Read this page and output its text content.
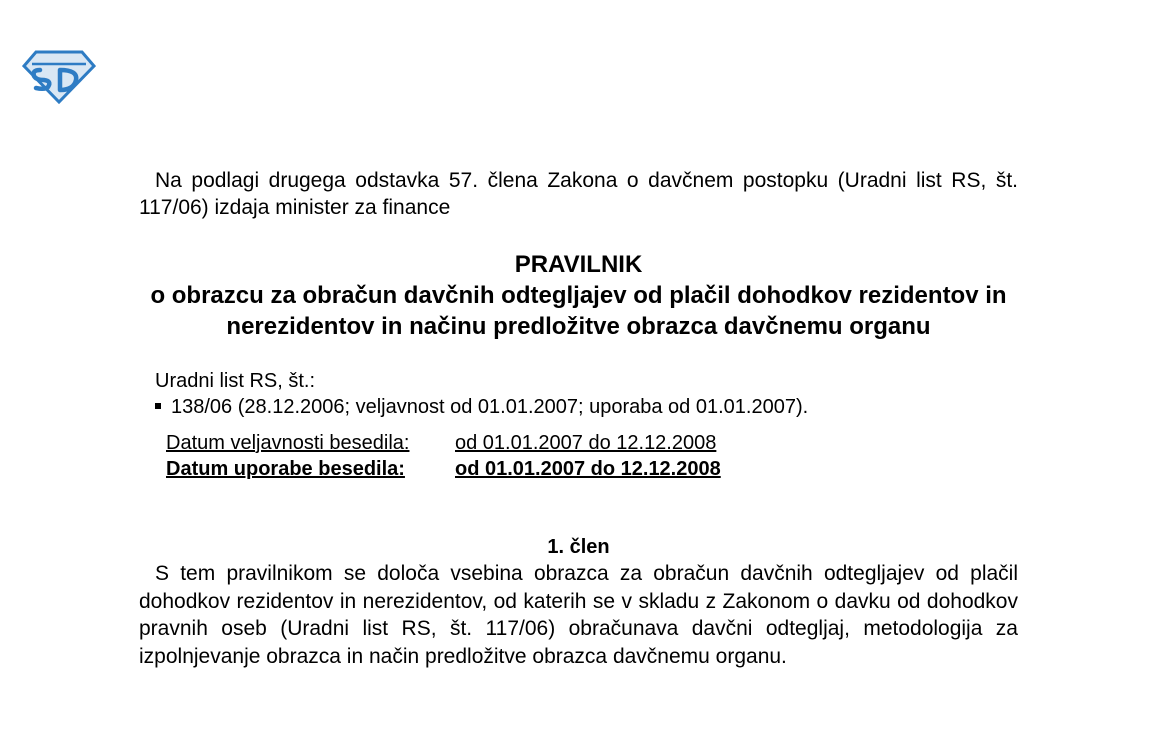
Na podlagi drugega odstavka 57. člena Zakona o davčnem postopku (Uradni list RS, št. 117/06) izdaja minister za finance

PRAVILNIK
o obrazcu za obračun davčnih odtegljajev od plačil dohodkov rezidentov in nerezidentov in načinu predložitve obrazca davčnemu organu
Uradni list RS, št.:
138/06 (28.12.2006; veljavnost od 01.01.2007; uporaba od 01.01.2007).
Datum veljavnosti besedila:	od 01.01.2007 do 12.12.2008
Datum uporabe besedila:	od 01.01.2007 do 12.12.2008
1. člen

S tem pravilnikom se določa vsebina obrazca za obračun davčnih odtegljajev od plačil dohodkov rezidentov in nerezidentov, od katerih se v skladu z Zakonom o davku od dohodkov pravnih oseb (Uradni list RS, št. 117/06) obračunava davčni odtegljaj, metodologija za izpolnjevanje obrazca in način predložitve obrazca davčnemu organu.
